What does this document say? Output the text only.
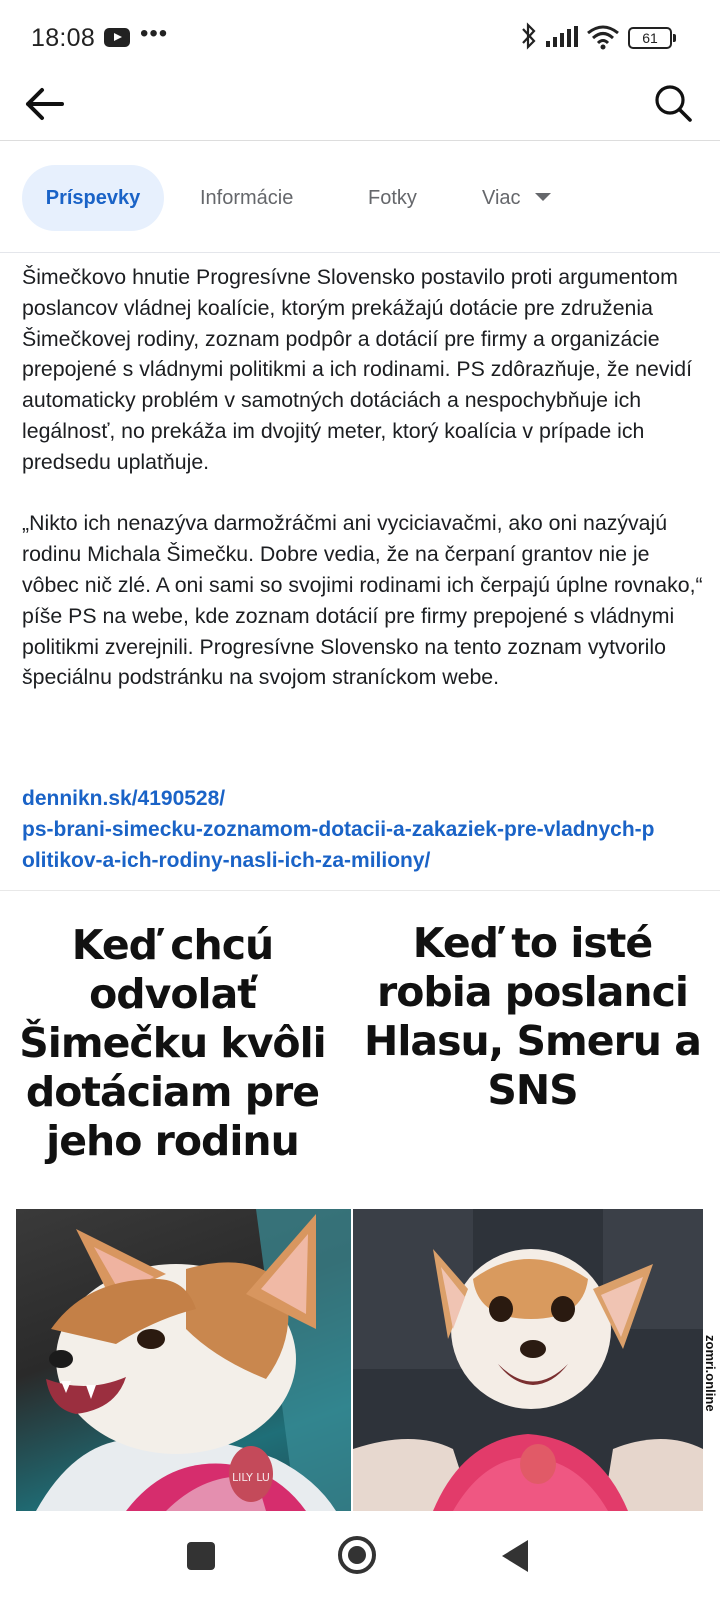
18:08 •••	61
Príspevky	Informácie	Fotky	Viac

Šimečkovo hnutie Progresívne Slovensko postavilo proti argumentom poslancov vládnej koalície, ktorým prekážajú dotácie pre združenia Šimečkovej rodiny, zoznam podpôr a dotácií pre firmy a organizácie prepojené s vládnymi politikmi a ich rodinami. PS zdôrazňuje, že nevidí automaticky problém v samotných dotáciách a nespochybňuje ich legálnosť, no prekáža im dvojitý meter, ktorý koalícia v prípade ich predsedu uplatňuje.

„Nikto ich nenazýva darmožráčmi ani vyciciavačmi, ako oni nazývajú rodinu Michala Šimečku. Dobre vedia, že na čerpaní grantov nie je vôbec nič zlé. A oni sami so svojimi rodinami ich čerpajú úplne rovnako,“ píše PS na webe, kde zoznam dotácií pre firmy prepojené s vládnymi politikmi zverejnili. Progresívne Slovensko na tento zoznam vytvorilo špeciálnu podstránku na svojom straníckom webe.

dennikn.sk/4190528/
ps-brani-simecku-zoznamom-dotacii-a-zakaziek-pre-vladnych-p
olitikov-a-ich-rodiny-nasli-ich-za-miliony/
Keď chcú odvolať Šimečku kvôli dotáciam pre jeho rodinu
Keď to isté robia poslanci Hlasu, Smeru a SNS
LILY LU
zomri.online
